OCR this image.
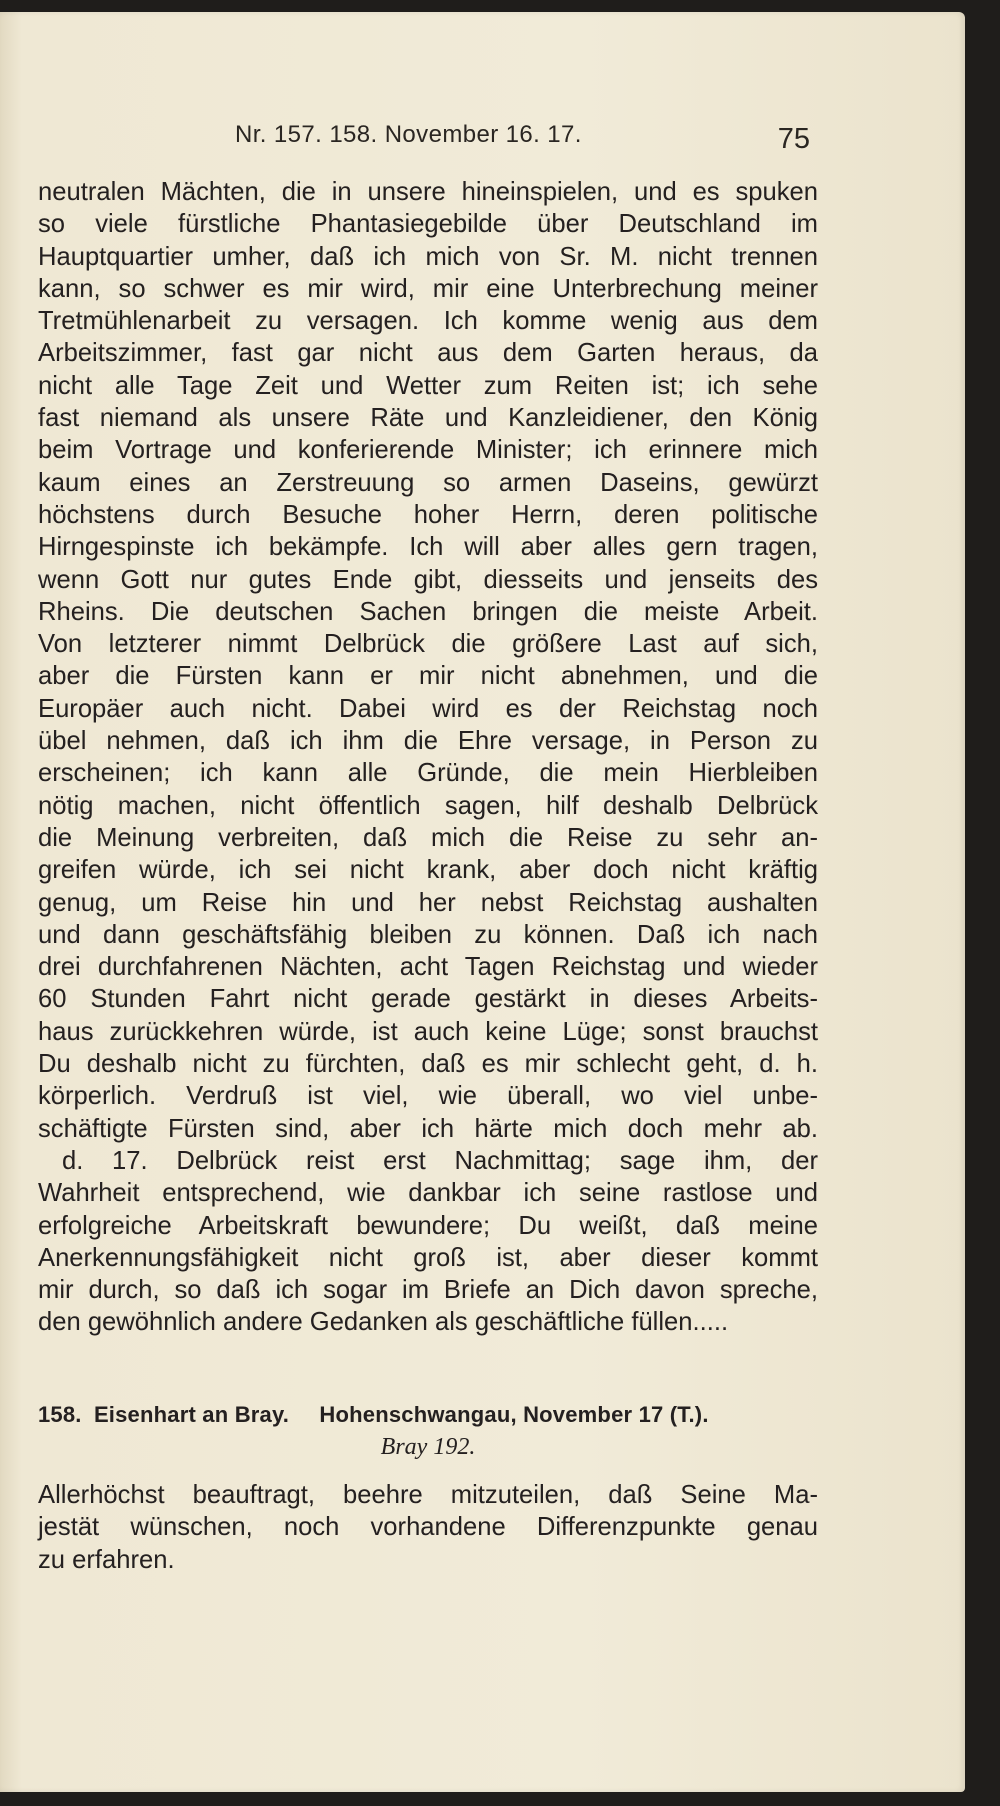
Nr. 157. 158. November 16. 17.	75
neutralen Mächten, die in unsere hineinspielen, und es spuken
so viele fürstliche Phantasiegebilde über Deutschland im
Hauptquartier umher, daß ich mich von Sr. M. nicht trennen
kann, so schwer es mir wird, mir eine Unterbrechung meiner
Tretmühlenarbeit zu versagen. Ich komme wenig aus dem
Arbeitszimmer, fast gar nicht aus dem Garten heraus, da
nicht alle Tage Zeit und Wetter zum Reiten ist; ich sehe
fast niemand als unsere Räte und Kanzleidiener, den König
beim Vortrage und konferierende Minister; ich erinnere mich
kaum eines an Zerstreuung so armen Daseins, gewürzt
höchstens durch Besuche hoher Herrn, deren politische
Hirngespinste ich bekämpfe. Ich will aber alles gern tragen,
wenn Gott nur gutes Ende gibt, diesseits und jenseits des
Rheins. Die deutschen Sachen bringen die meiste Arbeit.
Von letzterer nimmt Delbrück die größere Last auf sich,
aber die Fürsten kann er mir nicht abnehmen, und die
Europäer auch nicht. Dabei wird es der Reichstag noch
übel nehmen, daß ich ihm die Ehre versage, in Person zu
erscheinen; ich kann alle Gründe, die mein Hierbleiben
nötig machen, nicht öffentlich sagen, hilf deshalb Delbrück
die Meinung verbreiten, daß mich die Reise zu sehr an-
greifen würde, ich sei nicht krank, aber doch nicht kräftig
genug, um Reise hin und her nebst Reichstag aushalten
und dann geschäftsfähig bleiben zu können. Daß ich nach
drei durchfahrenen Nächten, acht Tagen Reichstag und wieder
60 Stunden Fahrt nicht gerade gestärkt in dieses Arbeits-
haus zurückkehren würde, ist auch keine Lüge; sonst brauchst
Du deshalb nicht zu fürchten, daß es mir schlecht geht, d. h.
körperlich. Verdruß ist viel, wie überall, wo viel unbe-
schäftigte Fürsten sind, aber ich härte mich doch mehr ab.
d. 17. Delbrück reist erst Nachmittag; sage ihm, der
Wahrheit entsprechend, wie dankbar ich seine rastlose und
erfolgreiche Arbeitskraft bewundere; Du weißt, daß meine
Anerkennungsfähigkeit nicht groß ist, aber dieser kommt
mir durch, so daß ich sogar im Briefe an Dich davon spreche,
den gewöhnlich andere Gedanken als geschäftliche füllen.....
158. Eisenhart an Bray. Hohenschwangau, November 17 (T.).
Bray 192.
Allerhöchst beauftragt, beehre mitzuteilen, daß Seine Ma-
jestät wünschen, noch vorhandene Differenzpunkte genau
zu erfahren.
